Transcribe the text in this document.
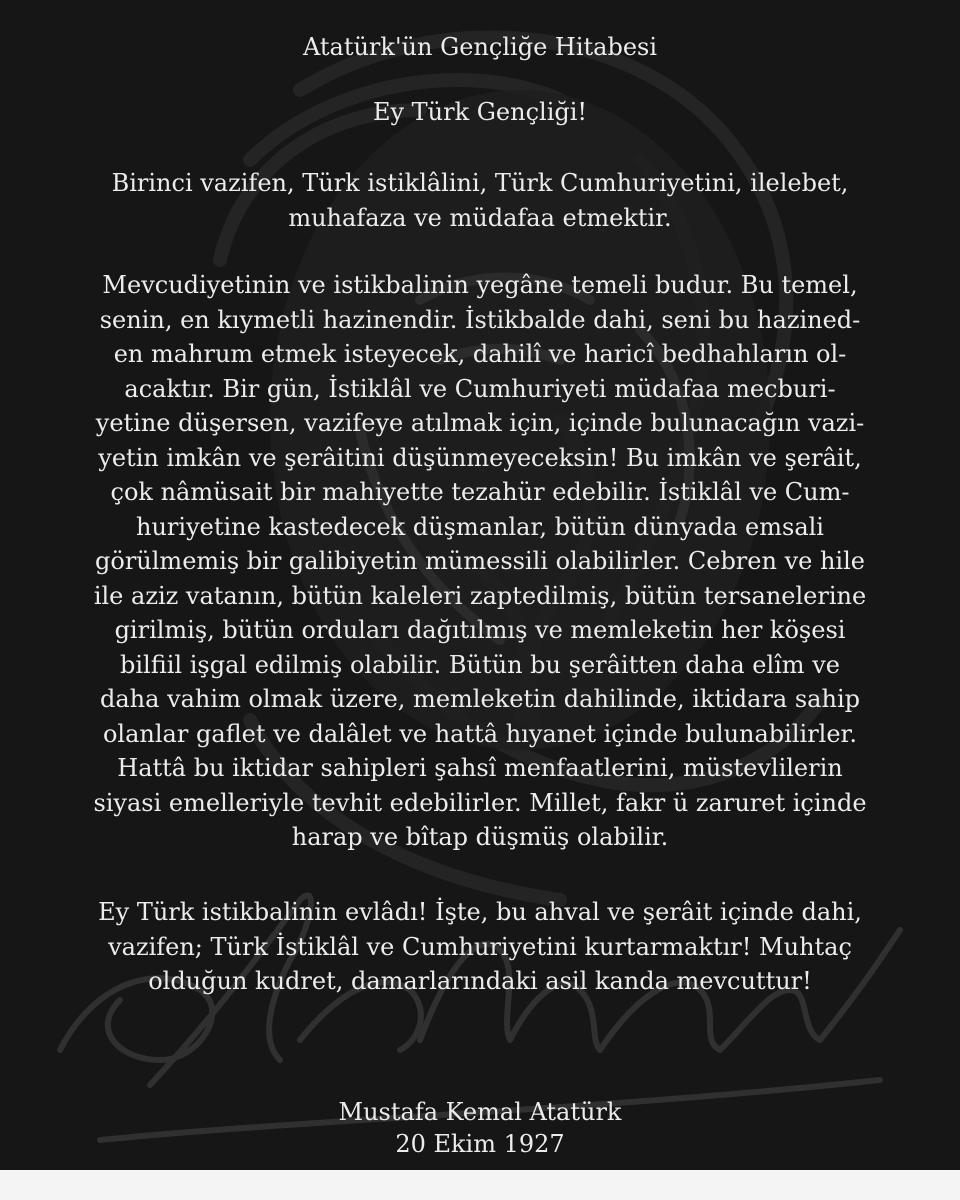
Atatürk'ün Gençliğe Hitabesi
Ey Türk Gençliği!
Birinci vazifen, Türk istiklâlini, Türk Cumhuriyetini, ilelebet,
muhafaza ve müdafaa etmektir.
Mevcudiyetinin ve istikbalinin yegâne temeli budur. Bu temel,
senin, en kıymetli hazinendir. İstikbalde dahi, seni bu hazined-
en mahrum etmek isteyecek, dahilî ve haricî bedhahların ol-
acaktır. Bir gün, İstiklâl ve Cumhuriyeti müdafaa mecburi-
yetine düşersen, vazifeye atılmak için, içinde bulunacağın vazi-
yetin imkân ve şerâitini düşünmeyeceksin! Bu imkân ve şerâit,
çok nâmüsait bir mahiyette tezahür edebilir. İstiklâl ve Cum-
huriyetine kastedecek düşmanlar, bütün dünyada emsali
görülmemiş bir galibiyetin mümessili olabilirler. Cebren ve hile
ile aziz vatanın, bütün kaleleri zaptedilmiş, bütün tersanelerine
girilmiş, bütün orduları dağıtılmış ve memleketin her köşesi
bilfiil işgal edilmiş olabilir. Bütün bu şerâitten daha elîm ve
daha vahim olmak üzere, memleketin dahilinde, iktidara sahip
olanlar gaflet ve dalâlet ve hattâ hıyanet içinde bulunabilirler.
Hattâ bu iktidar sahipleri şahsî menfaatlerini, müstevlilerin
siyasi emelleriyle tevhit edebilirler. Millet, fakr ü zaruret içinde
harap ve bîtap düşmüş olabilir.
Ey Türk istikbalinin evlâdı! İşte, bu ahval ve şerâit içinde dahi,
vazifen; Türk İstiklâl ve Cumhuriyetini kurtarmaktır! Muhtaç
olduğun kudret, damarlarındaki asil kanda mevcuttur!
Mustafa Kemal Atatürk
20 Ekim 1927
